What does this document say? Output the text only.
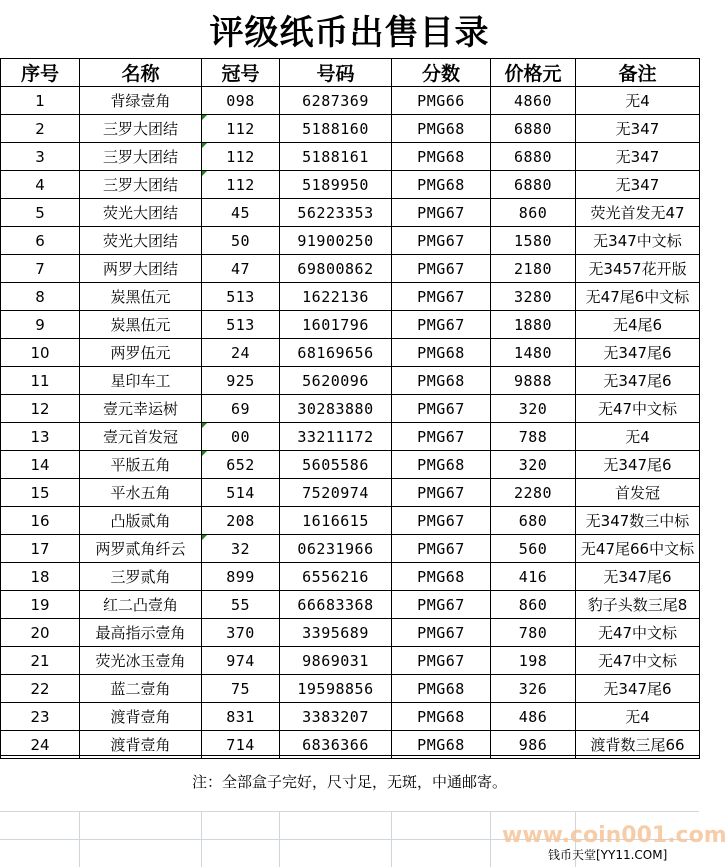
评级纸币出售目录
序号	名称	冠号	号码	分数	价格元	备注
1	背绿壹角	098	6287369	PMG66	4860	无4
2	三罗大团结	112	5188160	PMG68	6880	无347
3	三罗大团结	112	5188161	PMG68	6880	无347
4	三罗大团结	112	5189950	PMG68	6880	无347
5	荧光大团结	45	56223353	PMG67	860	荧光首发无47
6	荧光大团结	50	91900250	PMG67	1580	无347中文标
7	两罗大团结	47	69800862	PMG67	2180	无3457花开版
8	炭黑伍元	513	1622136	PMG67	3280	无47尾6中文标
9	炭黑伍元	513	1601796	PMG67	1880	无4尾6
10	两罗伍元	24	68169656	PMG68	1480	无347尾6
11	星印车工	925	5620096	PMG68	9888	无347尾6
12	壹元幸运树	69	30283880	PMG67	320	无47中文标
13	壹元首发冠	00	33211172	PMG67	788	无4
14	平版五角	652	5605586	PMG68	320	无347尾6
15	平水五角	514	7520974	PMG67	2280	首发冠
16	凸版贰角	208	1616615	PMG67	680	无347数三中标
17	两罗贰角纤云	32	06231966	PMG67	560	无47尾66中文标
18	三罗贰角	899	6556216	PMG68	416	无347尾6
19	红二凸壹角	55	66683368	PMG67	860	豹子头数三尾8
20	最高指示壹角	370	3395689	PMG67	780	无47中文标
21	荧光冰玉壹角	974	9869031	PMG67	198	无47中文标
22	蓝二壹角	75	19598856	PMG68	326	无347尾6
23	渡背壹角	831	3383207	PMG68	486	无4
24	渡背壹角	714	6836366	PMG68	986	渡背数三尾66
注：全部盒子完好，尺寸足，无斑，中通邮寄。
www.coin001.com
钱币天堂[YY11.COM]
